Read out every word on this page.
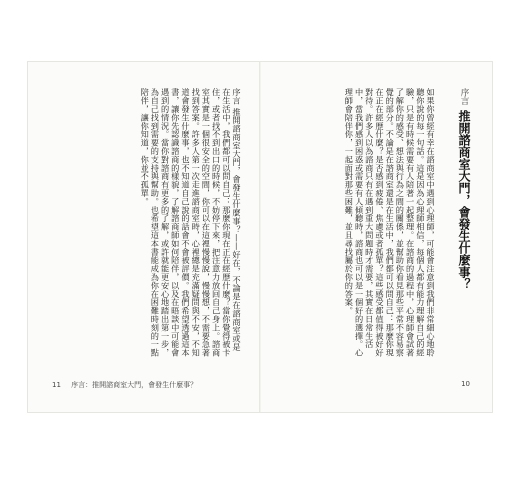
序言 推開諮商室大門，會發生什麼事？——好在，不論是在諮商室或是在生活中，我們都可以問自己：那麼你現在正在經歷什麼？當你覺得被卡住，或者找不到出口的時候，不妨停下來，把注意力放回自己身上。諮商室其實是一個很安全的空間，你可以在這裡慢慢說，慢慢想，不需要急著找到答案。許多人第一次走進諮商室時，心裡總是充滿疑問與不安，不知道會發生什麼事，也不知道自己說的話會不會被評價。我們希望透過這本書，讓你先認識諮商的樣貌，了解諮商師如何陪伴，以及在晤談中可能會遇到的情況。當你對諮商有更多的了解，或許就能更安心地踏出第一步，為自己找到需要的支持與幫助。也希望這本書能成為你在困難時刻的一點陪伴，讓你知道，你並不孤單。	如果你曾經有幸在諮商室中遇到心理師，可能會注意到我們非常細心地聆聽你說的每一句話。這是因為心理師相信，每個人都有能力理解自己的經驗，只是有時候需要有人陪著一起整理。在諮商的過程中，心理師會試著了解你的感受、想法與行為之間的關係，並幫助你看見那些平常不容易察覺的部分。不論是在諮商室還是在生活中，我們都可以問自己：那麼你現在正在經歷什麼？是否感到疲倦、焦慮或者孤單？這些感受都值得被好好對待。許多人以為諮商只有在遇到重大問題時才需要，其實在日常生活中，當我們感到困惑或需要有人傾聽時，諮商也可以是一個好的選擇。心理師會陪伴你，一起面對那些困難，並且尋找屬於你的答案。	序言 推開諮商室大門，會發生什麼事？
11 序言：推開諮商室大門，會發生什麼事？	10
